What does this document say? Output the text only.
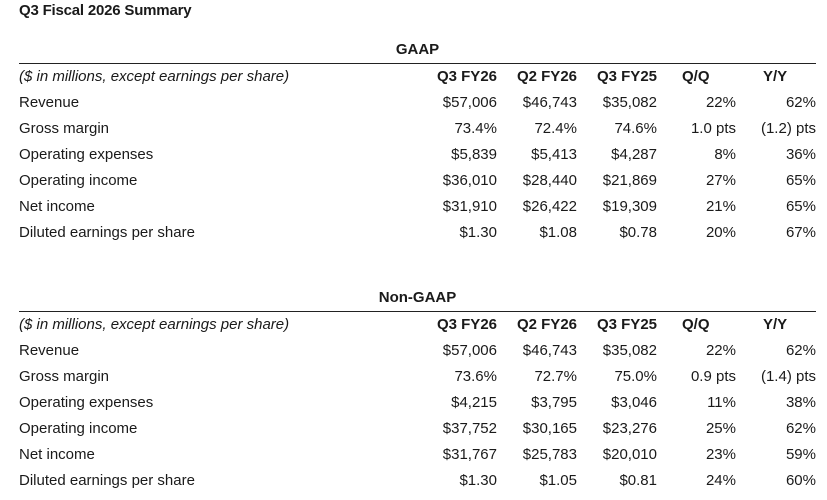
Q3 Fiscal 2026 Summary
GAAP
($ in millions, except earnings per share)	Q3 FY26 Q2 FY26 Q3 FY25 Q/Q	Y/Y
Revenue	$57,006 $46,743 $35,082	22%	62%
Gross margin	73.4% 72.4% 74.6% 1.0 pts (1.2) pts
Operating expenses	$5,839 $5,413 $4,287	8%	36%
Operating income	$36,010 $28,440 $21,869	27%	65%
Net income	$31,910 $26,422 $19,309	21%	65%
Diluted earnings per share	$1.30	$1.08	$0.78	20%	67%
Non-GAAP
($ in millions, except earnings per share)	Q3 FY26 Q2 FY26 Q3 FY25 Q/Q	Y/Y
Revenue	$57,006 $46,743 $35,082	22%	62%
Gross margin	73.6% 72.7% 75.0% 0.9 pts (1.4) pts
Operating expenses	$4,215 $3,795 $3,046	11%	38%
Operating income	$37,752 $30,165 $23,276	25%	62%
Net income	$31,767 $25,783 $20,010	23%	59%
Diluted earnings per share	$1.30	$1.05	$0.81	24%	60%
